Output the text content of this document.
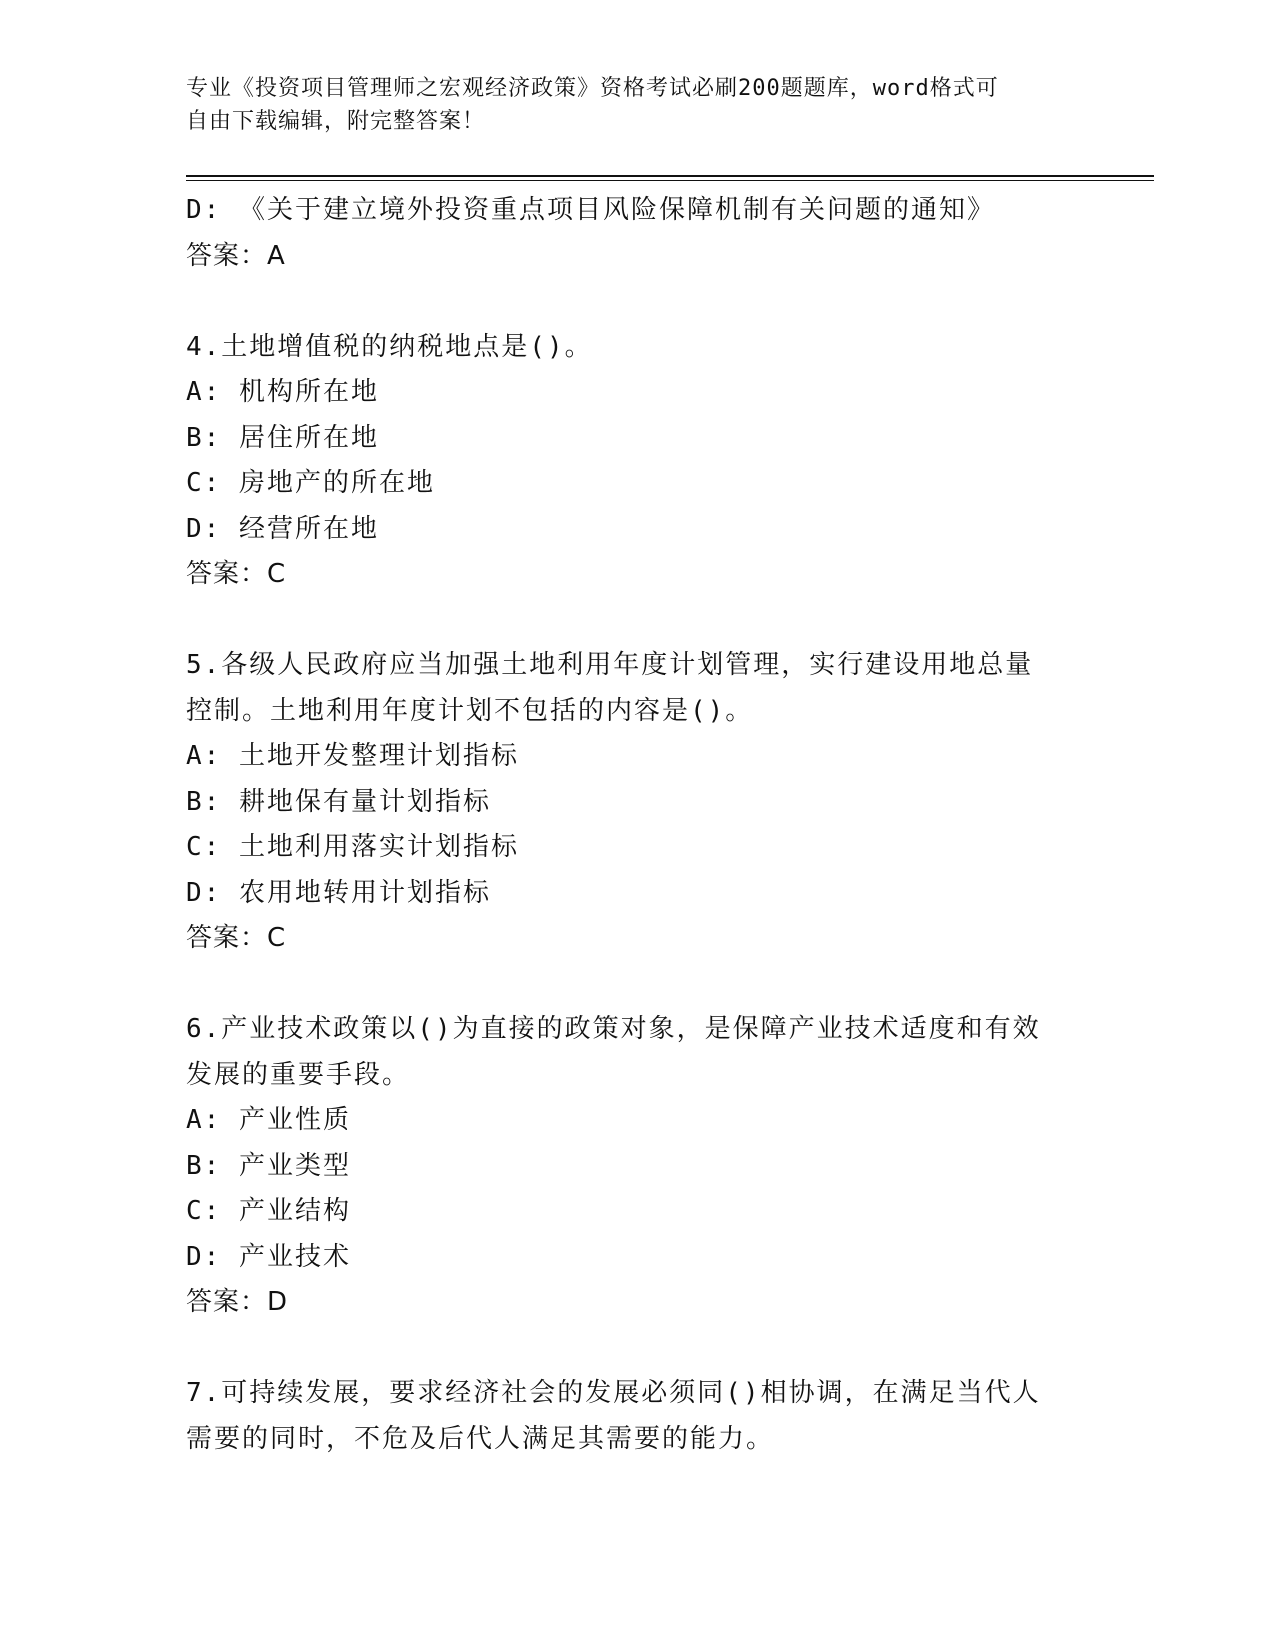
专业《投资项目管理师之宏观经济政策》资格考试必刷200题题库，word格式可
自由下载编辑，附完整答案！
D: 《关于建立境外投资重点项目风险保障机制有关问题的通知》
答案：A
4.土地增值税的纳税地点是()。
A: 机构所在地
B: 居住所在地
C: 房地产的所在地
D: 经营所在地
答案：C
5.各级人民政府应当加强土地利用年度计划管理，实行建设用地总量
控制。土地利用年度计划不包括的内容是()。
A: 土地开发整理计划指标
B: 耕地保有量计划指标
C: 土地利用落实计划指标
D: 农用地转用计划指标
答案：C
6.产业技术政策以()为直接的政策对象，是保障产业技术适度和有效
发展的重要手段。
A: 产业性质
B: 产业类型
C: 产业结构
D: 产业技术
答案：D
7.可持续发展，要求经济社会的发展必须同()相协调，在满足当代人
需要的同时，不危及后代人满足其需要的能力。
